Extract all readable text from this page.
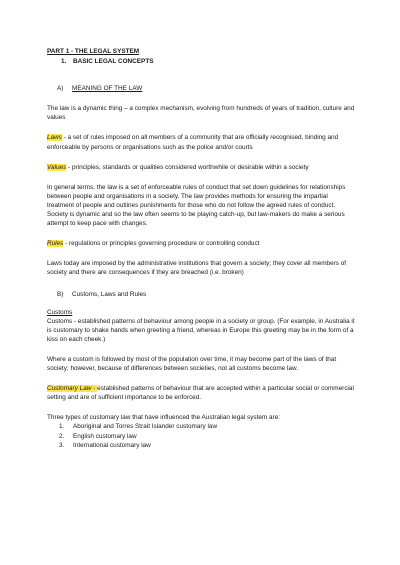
PART 1 - THE LEGAL SYSTEM

1. BASIC LEGAL CONCEPTS

A) MEANING OF THE LAW

The law is a dynamic thing – a complex mechanism, evolving from hundreds of years of tradition, culture and values

Laws - a set of rules imposed on all members of a community that are officially recognised, binding and enforceable by persons or organisations such as the police and/or courts

Values - principles, standards or qualities considered worthwhile or desirable within a society

In general terms, the law is a set of enforceable rules of conduct that set down guidelines for relationships between people and organisations in a society. The law provides methods for ensuring the impartial treatment of people and outlines punishments for those who do not follow the agreed rules of conduct. Society is dynamic and so the law often seems to be playing catch-up, but law-makers do make a serious attempt to keep pace with changes.

Rules - regulations or principles governing procedure or controlling conduct

Laws today are imposed by the administrative institutions that govern a society; they cover all members of society and there are consequences if they are breached (i.e. broken)

B) Customs, Laws and Rules

Customs

Customs - established patterns of behaviour among people in a society or group. (For example, in Australia it is customary to shake hands when greeting a friend, whereas in Europe this greeting may be in the form of a kiss on each cheek.)

Where a custom is followed by most of the population over time, it may become part of the laws of that society; however, because of differences between societies, not all customs become law.

Customary Law - established patterns of behaviour that are accepted within a particular social or commercial setting and are of sufficient importance to be enforced.

Three types of customary law that have influenced the Australian legal system are:

1. Aboriginal and Torres Strait Islander customary law
2. English customary law
3. International customary law
